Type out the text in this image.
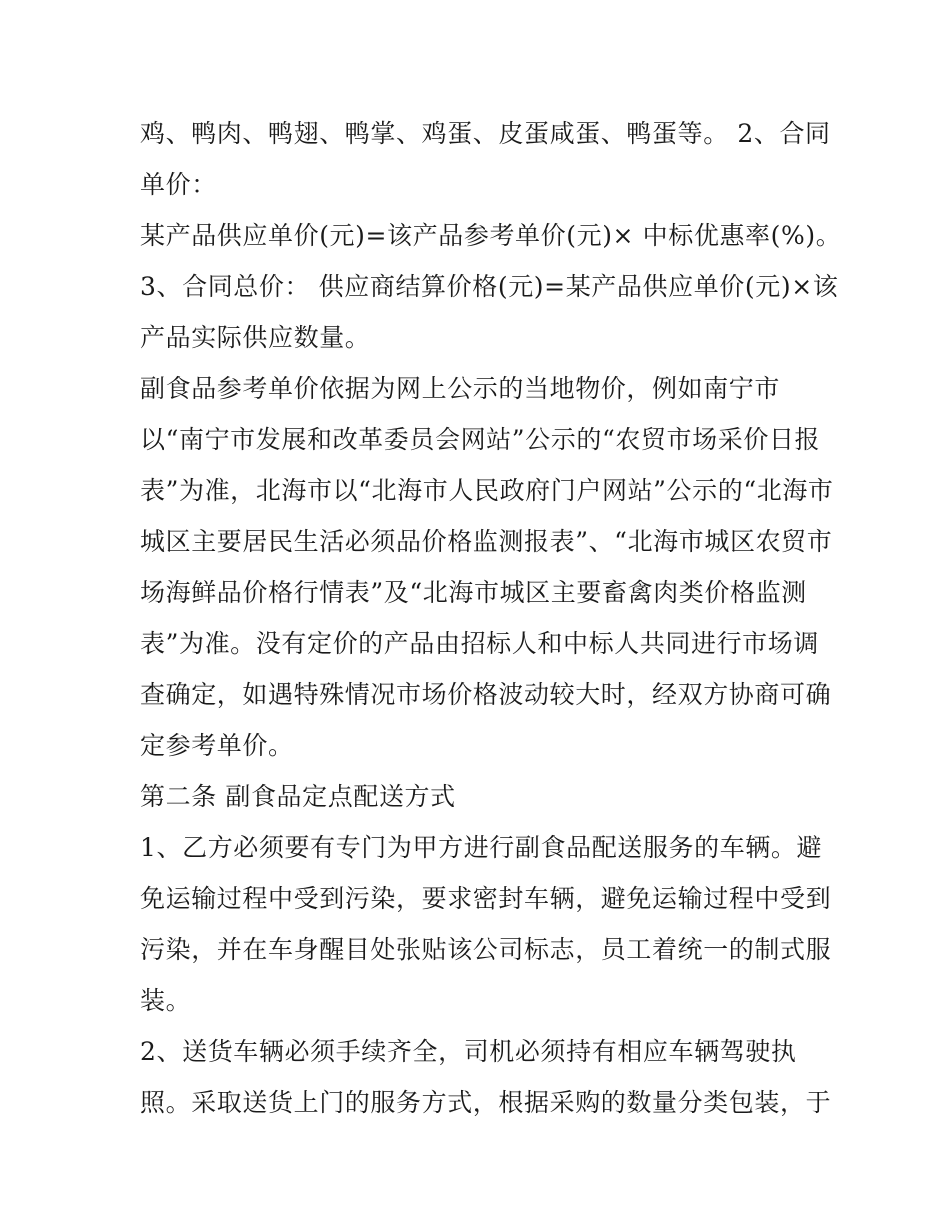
鸡、鸭肉、鸭翅、鸭掌、鸡蛋、皮蛋咸蛋、鸭蛋等。 2、合同
单价：
某产品供应单价(元)=该产品参考单价(元)× 中标优惠率(%)。
3、合同总价： 供应商结算价格(元)=某产品供应单价(元)×该
产品实际供应数量。
副食品参考单价依据为网上公示的当地物价，例如南宁市
以“南宁市发展和改革委员会网站”公示的“农贸市场采价日报
表”为准，北海市以“北海市人民政府门户网站”公示的“北海市
城区主要居民生活必须品价格监测报表”、“北海市城区农贸市
场海鲜品价格行情表”及“北海市城区主要畜禽肉类价格监测
表”为准。没有定价的产品由招标人和中标人共同进行市场调
查确定，如遇特殊情况市场价格波动较大时，经双方协商可确
定参考单价。
第二条 副食品定点配送方式
1、乙方必须要有专门为甲方进行副食品配送服务的车辆。避
免运输过程中受到污染，要求密封车辆，避免运输过程中受到
污染，并在车身醒目处张贴该公司标志，员工着统一的制式服
装。
2、送货车辆必须手续齐全，司机必须持有相应车辆驾驶执
照。采取送货上门的服务方式，根据采购的数量分类包装，于
